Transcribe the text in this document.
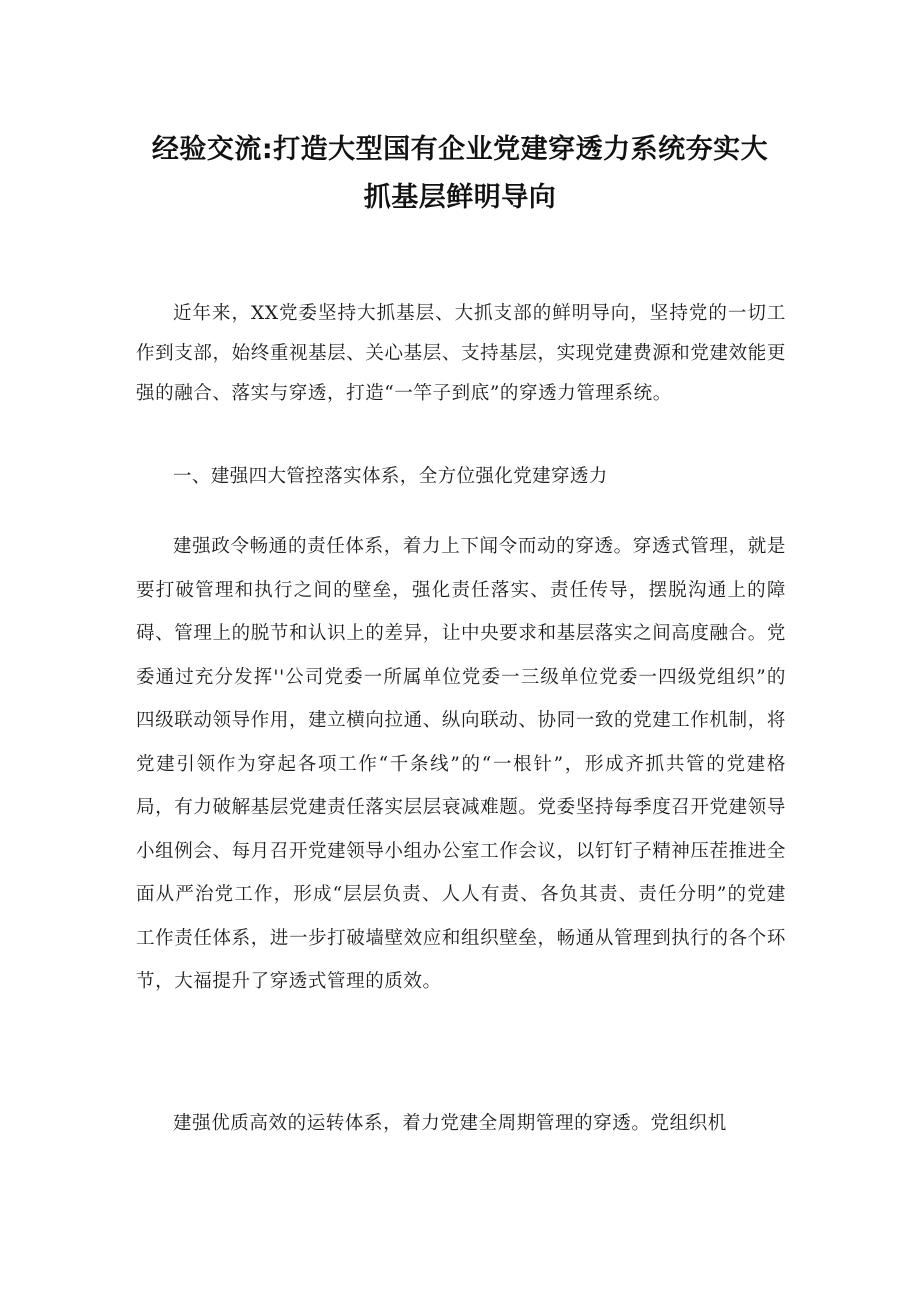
经验交流:打造大型国有企业党建穿透力系统夯实大
抓基层鲜明导向

近年来，XX党委坚持大抓基层、大抓支部的鲜明导向，坚持党的一切工作到支部，始终重视基层、关心基层、支持基层，实现党建费源和党建效能更强的融合、落实与穿透，打造“一竿子到底”的穿透力管理系统。

一、建强四大管控落实体系，全方位强化党建穿透力

建强政令畅通的责任体系，着力上下闻令而动的穿透。穿透式管理，就是要打破管理和执行之间的壁垒，强化责任落实、责任传导，摆脱沟通上的障碍、管理上的脱节和认识上的差异，让中央要求和基层落实之间高度融合。党委通过充分发挥''公司党委一所属单位党委一三级单位党委一四级党组织”的四级联动领导作用，建立横向拉通、纵向联动、协同一致的党建工作机制，将党建引领作为穿起各项工作“千条线”的“一根针”，形成齐抓共管的党建格局，有力破解基层党建责任落实层层衰减难题。党委坚持每季度召开党建领导小组例会、每月召开党建领导小组办公室工作会议，以钉钉子精神压茬推进全面从严治党工作，形成“层层负责、人人有责、各负其责、责任分明”的党建工作责任体系，进一步打破墙壁效应和组织壁垒，畅通从管理到执行的各个环节，大福提升了穿透式管理的质效。

建强优质高效的运转体系，着力党建全周期管理的穿透。党组织机
